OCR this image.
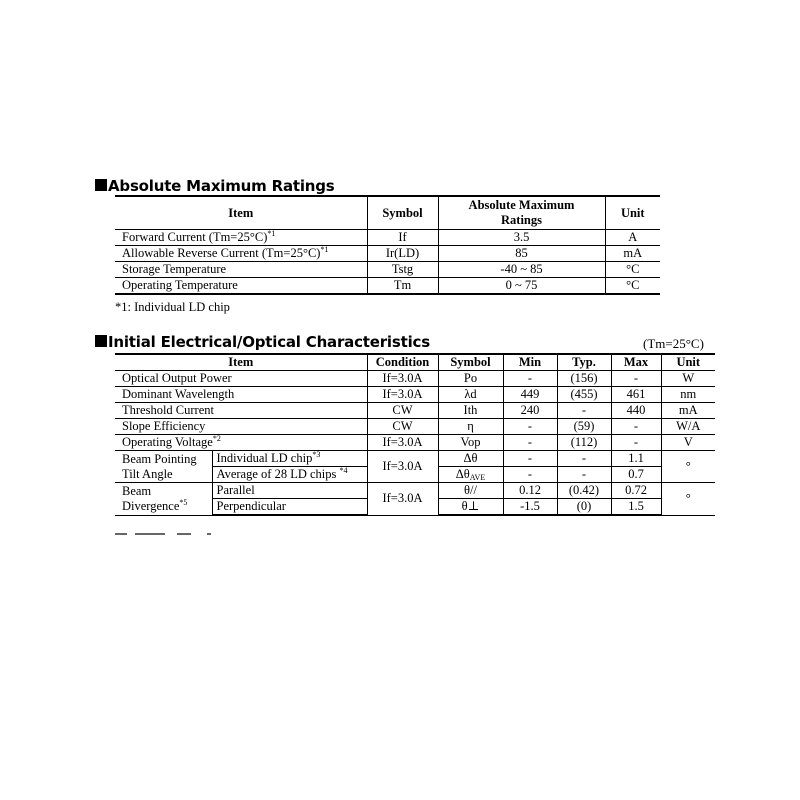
Absolute Maximum Ratings
Item	Symbol	Absolute Maximum
Ratings	Unit
Forward Current (Tm=25°C)$^{*1}$	If	3.5	A
Allowable Reverse Current (Tm=25°C)$^{*1}$	Ir(LD)	85	mA
Storage Temperature	Tstg	-40 ~ 85	°C
Operating Temperature	Tm	0 ~ 75	°C
*1: Individual LD chip
Initial Electrical/Optical Characteristics	(Tm=25°C)
Item		Condition	Symbol	Min	Typ.	Max	Unit
Optical Output Power		If=3.0A	Po	-	(156)	-	W
Dominant Wavelength		If=3.0A	λd	449	(455)	461	nm
Threshold Current		CW	Ith	240	-	440	mA
Slope Efficiency		CW	η	-	(59)	-	W/A
Operating Voltage$^{*2}$		If=3.0A	Vop	-	(112)	-	V
Beam Pointing
Tilt Angle	Individual LD chip$^{*3}$	If=3.0A	Δθ	-	-	1.1	°
	Average of 28 LD chips $^{*4}$		$\Delta\theta_{AVE}$	-	-	0.7	
Beam
Divergence$^{*5}$	Parallel	If=3.0A	θ//	0.12	(0.42)	0.72	°
	Perpendicular		θ⊥	-1.5	(0)	1.5	
